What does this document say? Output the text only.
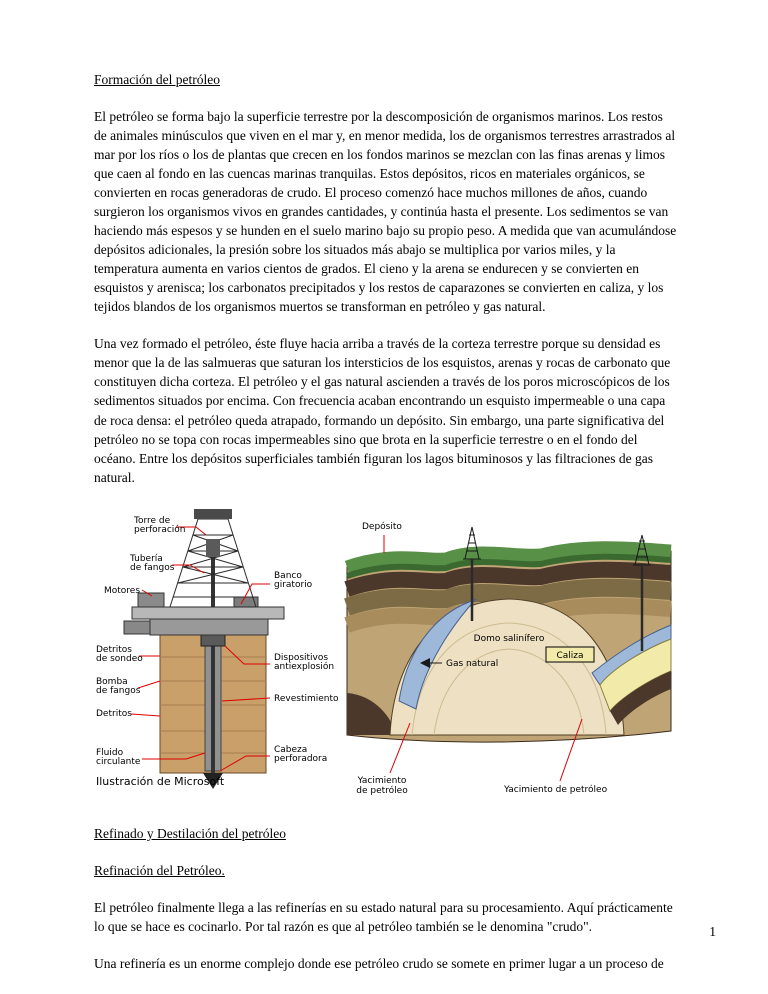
Formación del petróleo

El petróleo se forma bajo la superficie terrestre por la descomposición de organismos marinos. Los restos de animales minúsculos que viven en el mar y, en menor medida, los de organismos terrestres arrastrados al mar por los ríos o los de plantas que crecen en los fondos marinos se mezclan con las finas arenas y limos que caen al fondo en las cuencas marinas tranquilas. Estos depósitos, ricos en materiales orgánicos, se convierten en rocas generadoras de crudo. El proceso comenzó hace muchos millones de años, cuando surgieron los organismos vivos en grandes cantidades, y continúa hasta el presente. Los sedimentos se van haciendo más espesos y se hunden en el suelo marino bajo su propio peso. A medida que van acumulándose depósitos adicionales, la presión sobre los situados más abajo se multiplica por varios miles, y la temperatura aumenta en varios cientos de grados. El cieno y la arena se endurecen y se convierten en esquistos y arenisca; los carbonatos precipitados y los restos de caparazones se convierten en caliza, y los tejidos blandos de los organismos muertos se transforman en petróleo y gas natural.

Una vez formado el petróleo, éste fluye hacia arriba a través de la corteza terrestre porque su densidad es menor que la de las salmueras que saturan los intersticios de los esquistos, arenas y rocas de carbonato que constituyen dicha corteza. El petróleo y el gas natural ascienden a través de los poros microscópicos de los sedimentos situados por encima. Con frecuencia acaban encontrando un esquisto impermeable o una capa de roca densa: el petróleo queda atrapado, formando un depósito. Sin embargo, una parte significativa del petróleo no se topa con rocas impermeables sino que brota en la superficie terrestre o en el fondo del océano. Entre los depósitos superficiales también figuran los lagos bituminosos y las filtraciones de gas natural.

Torre de
perforación
Tubería
de fangos
Motores
Banco
giratorio
Detritos
de sondeo
Bomba
de fangos
Detritos
Fluido
circulante
Dispositivos
antiexplosión
Revestimiento
Cabeza
perforadora
Ilustración de Microsoft
Depósito
Domo salinífero
Gas natural
Caliza
Yacimiento
de petróleo	Yacimiento de petróleo
Refinado y Destilación del petróleo
Refinación del Petróleo.

El petróleo finalmente llega a las refinerías en su estado natural para su procesamiento. Aquí prácticamente lo que se hace es cocinarlo. Por tal razón es que al petróleo también se le denomina "crudo".

Una refinería es un enorme complejo donde ese petróleo crudo se somete en primer lugar a un proceso de

1
